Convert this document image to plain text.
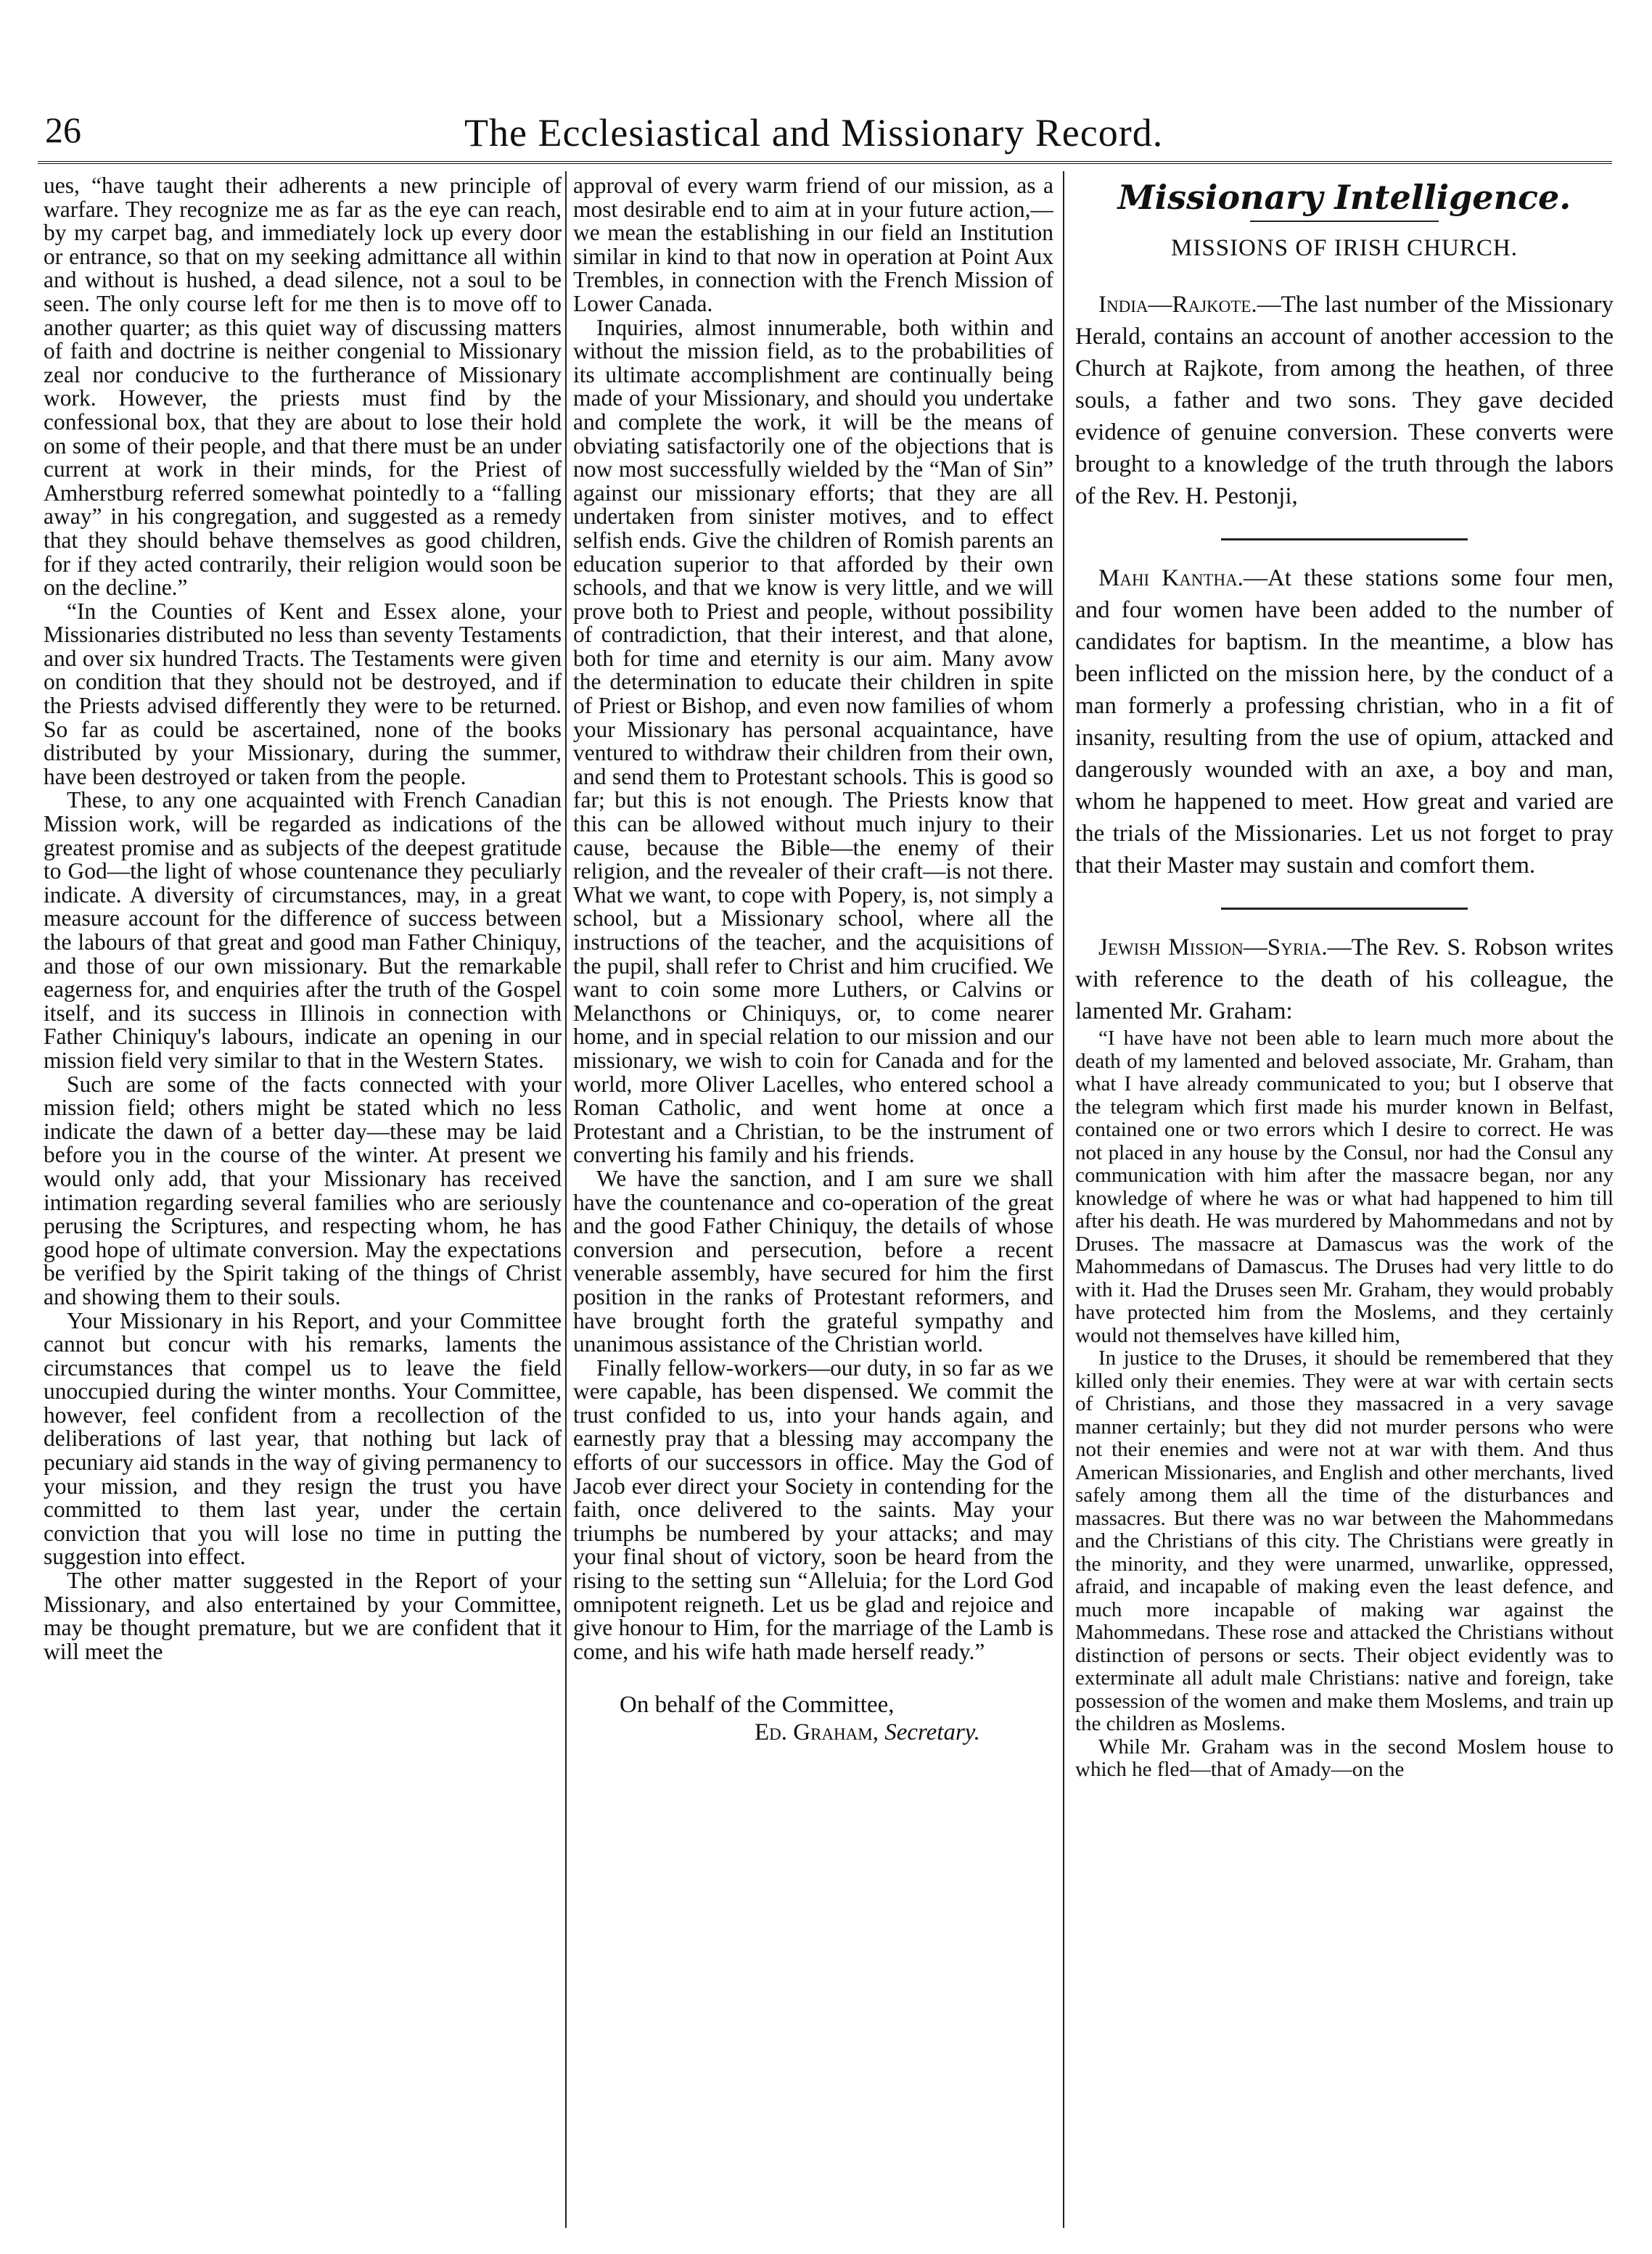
26	The Ecclesiastical and Missionary Record.

ues, “have taught their adherents a new principle of warfare. They recognize me as far as the eye can reach, by my carpet bag, and immediately lock up every door or entrance, so that on my seeking admittance all within and without is hushed, a dead silence, not a soul to be seen. The only course left for me then is to move off to another quarter; as this quiet way of discussing matters of faith and doctrine is neither congenial to Missionary zeal nor conducive to the furtherance of Missionary work. However, the priests must find by the confessional box, that they are about to lose their hold on some of their people, and that there must be an under current at work in their minds, for the Priest of Amherstburg referred somewhat pointedly to a “falling away” in his congregation, and suggested as a remedy that they should behave themselves as good children, for if they acted contrarily, their religion would soon be on the decline.”

“In the Counties of Kent and Essex alone, your Missionaries distributed no less than seventy Testaments and over six hundred Tracts. The Testaments were given on condition that they should not be destroyed, and if the Priests advised differently they were to be returned. So far as could be ascertained, none of the books distributed by your Missionary, during the summer, have been destroyed or taken from the people.

These, to any one acquainted with French Canadian Mission work, will be regarded as indications of the greatest promise and as subjects of the deepest gratitude to God—the light of whose countenance they peculiarly indicate. A diversity of circumstances, may, in a great measure account for the difference of success between the labours of that great and good man Father Chiniquy, and those of our own missionary. But the remarkable eagerness for, and enquiries after the truth of the Gospel itself, and its success in Illinois in connection with Father Chiniquy's labours, indicate an opening in our mission field very similar to that in the Western States.

Such are some of the facts connected with your mission field; others might be stated which no less indicate the dawn of a better day—these may be laid before you in the course of the winter. At present we would only add, that your Missionary has received intimation regarding several families who are seriously perusing the Scriptures, and respecting whom, he has good hope of ultimate conversion. May the expectations be verified by the Spirit taking of the things of Christ and showing them to their souls.

Your Missionary in his Report, and your Committee cannot but concur with his remarks, laments the circumstances that compel us to leave the field unoccupied during the winter months. Your Committee, however, feel confident from a recollection of the deliberations of last year, that nothing but lack of pecuniary aid stands in the way of giving permanency to your mission, and they resign the trust you have committed to them last year, under the certain conviction that you will lose no time in putting the suggestion into effect.

The other matter suggested in the Report of your Missionary, and also entertained by your Committee, may be thought premature, but we are confident that it will meet the

approval of every warm friend of our mission, as a most desirable end to aim at in your future action,—we mean the establishing in our field an Institution similar in kind to that now in operation at Point Aux Trembles, in connection with the French Mission of Lower Canada.

Inquiries, almost innumerable, both within and without the mission field, as to the probabilities of its ultimate accomplishment are continually being made of your Missionary, and should you undertake and complete the work, it will be the means of obviating satisfactorily one of the objections that is now most successfully wielded by the “Man of Sin” against our missionary efforts; that they are all undertaken from sinister motives, and to effect selfish ends. Give the children of Romish parents an education superior to that afforded by their own schools, and that we know is very little, and we will prove both to Priest and people, without possibility of contradiction, that their interest, and that alone, both for time and eternity is our aim. Many avow the determination to educate their children in spite of Priest or Bishop, and even now families of whom your Missionary has personal acquaintance, have ventured to withdraw their children from their own, and send them to Protestant schools. This is good so far; but this is not enough. The Priests know that this can be allowed without much injury to their cause, because the Bible—the enemy of their religion, and the revealer of their craft—is not there. What we want, to cope with Popery, is, not simply a school, but a Missionary school, where all the instructions of the teacher, and the acquisitions of the pupil, shall refer to Christ and him crucified. We want to coin some more Luthers, or Calvins or Melancthons or Chiniquys, or, to come nearer home, and in special relation to our mission and our missionary, we wish to coin for Canada and for the world, more Oliver Lacelles, who entered school a Roman Catholic, and went home at once a Protestant and a Christian, to be the instrument of converting his family and his friends.

We have the sanction, and I am sure we shall have the countenance and co-operation of the great and the good Father Chiniquy, the details of whose conversion and persecution, before a recent venerable assembly, have secured for him the first position in the ranks of Protestant reformers, and have brought forth the grateful sympathy and unanimous assistance of the Christian world.

Finally fellow-workers—our duty, in so far as we were capable, has been dispensed. We commit the trust confided to us, into your hands again, and earnestly pray that a blessing may accompany the efforts of our successors in office. May the God of Jacob ever direct your Society in contending for the faith, once delivered to the saints. May your triumphs be numbered by your attacks; and may your final shout of victory, soon be heard from the rising to the setting sun “Alleluia; for the Lord God omnipotent reigneth. Let us be glad and rejoice and give honour to Him, for the marriage of the Lamb is come, and his wife hath made herself ready.”

On behalf of the Committee,

Ed. Graham, Secretary.

Missionary Intelligence.
MISSIONS OF IRISH CHURCH.

India—Rajkote.—The last number of the Missionary Herald, contains an account of another accession to the Church at Rajkote, from among the heathen, of three souls, a father and two sons. They gave decided evidence of genuine conversion. These converts were brought to a knowledge of the truth through the labors of the Rev. H. Pestonji,

Mahi Kantha.—At these stations some four men, and four women have been added to the number of candidates for baptism. In the meantime, a blow has been inflicted on the mission here, by the conduct of a man formerly a professing christian, who in a fit of insanity, resulting from the use of opium, attacked and dangerously wounded with an axe, a boy and man, whom he happened to meet. How great and varied are the trials of the Missionaries. Let us not forget to pray that their Master may sustain and comfort them.

Jewish Mission—Syria.—The Rev. S. Robson writes with reference to the death of his colleague, the lamented Mr. Graham:

“I have have not been able to learn much more about the death of my lamented and beloved associate, Mr. Graham, than what I have already communicated to you; but I observe that the telegram which first made his murder known in Belfast, contained one or two errors which I desire to correct. He was not placed in any house by the Consul, nor had the Consul any communication with him after the massacre began, nor any knowledge of where he was or what had happened to him till after his death. He was murdered by Mahommedans and not by Druses. The massacre at Damascus was the work of the Mahommedans of Damascus. The Druses had very little to do with it. Had the Druses seen Mr. Graham, they would probably have protected him from the Moslems, and they certainly would not themselves have killed him,

In justice to the Druses, it should be remembered that they killed only their enemies. They were at war with certain sects of Christians, and those they massacred in a very savage manner certainly; but they did not murder persons who were not their enemies and were not at war with them. And thus American Missionaries, and English and other merchants, lived safely among them all the time of the disturbances and massacres. But there was no war between the Mahommedans and the Christians of this city. The Christians were greatly in the minority, and they were unarmed, unwarlike, oppressed, afraid, and incapable of making even the least defence, and much more incapable of making war against the Mahommedans. These rose and attacked the Christians without distinction of persons or sects. Their object evidently was to exterminate all adult male Christians: native and foreign, take possession of the women and make them Moslems, and train up the children as Moslems.

While Mr. Graham was in the second Moslem house to which he fled—that of Amady—on the
